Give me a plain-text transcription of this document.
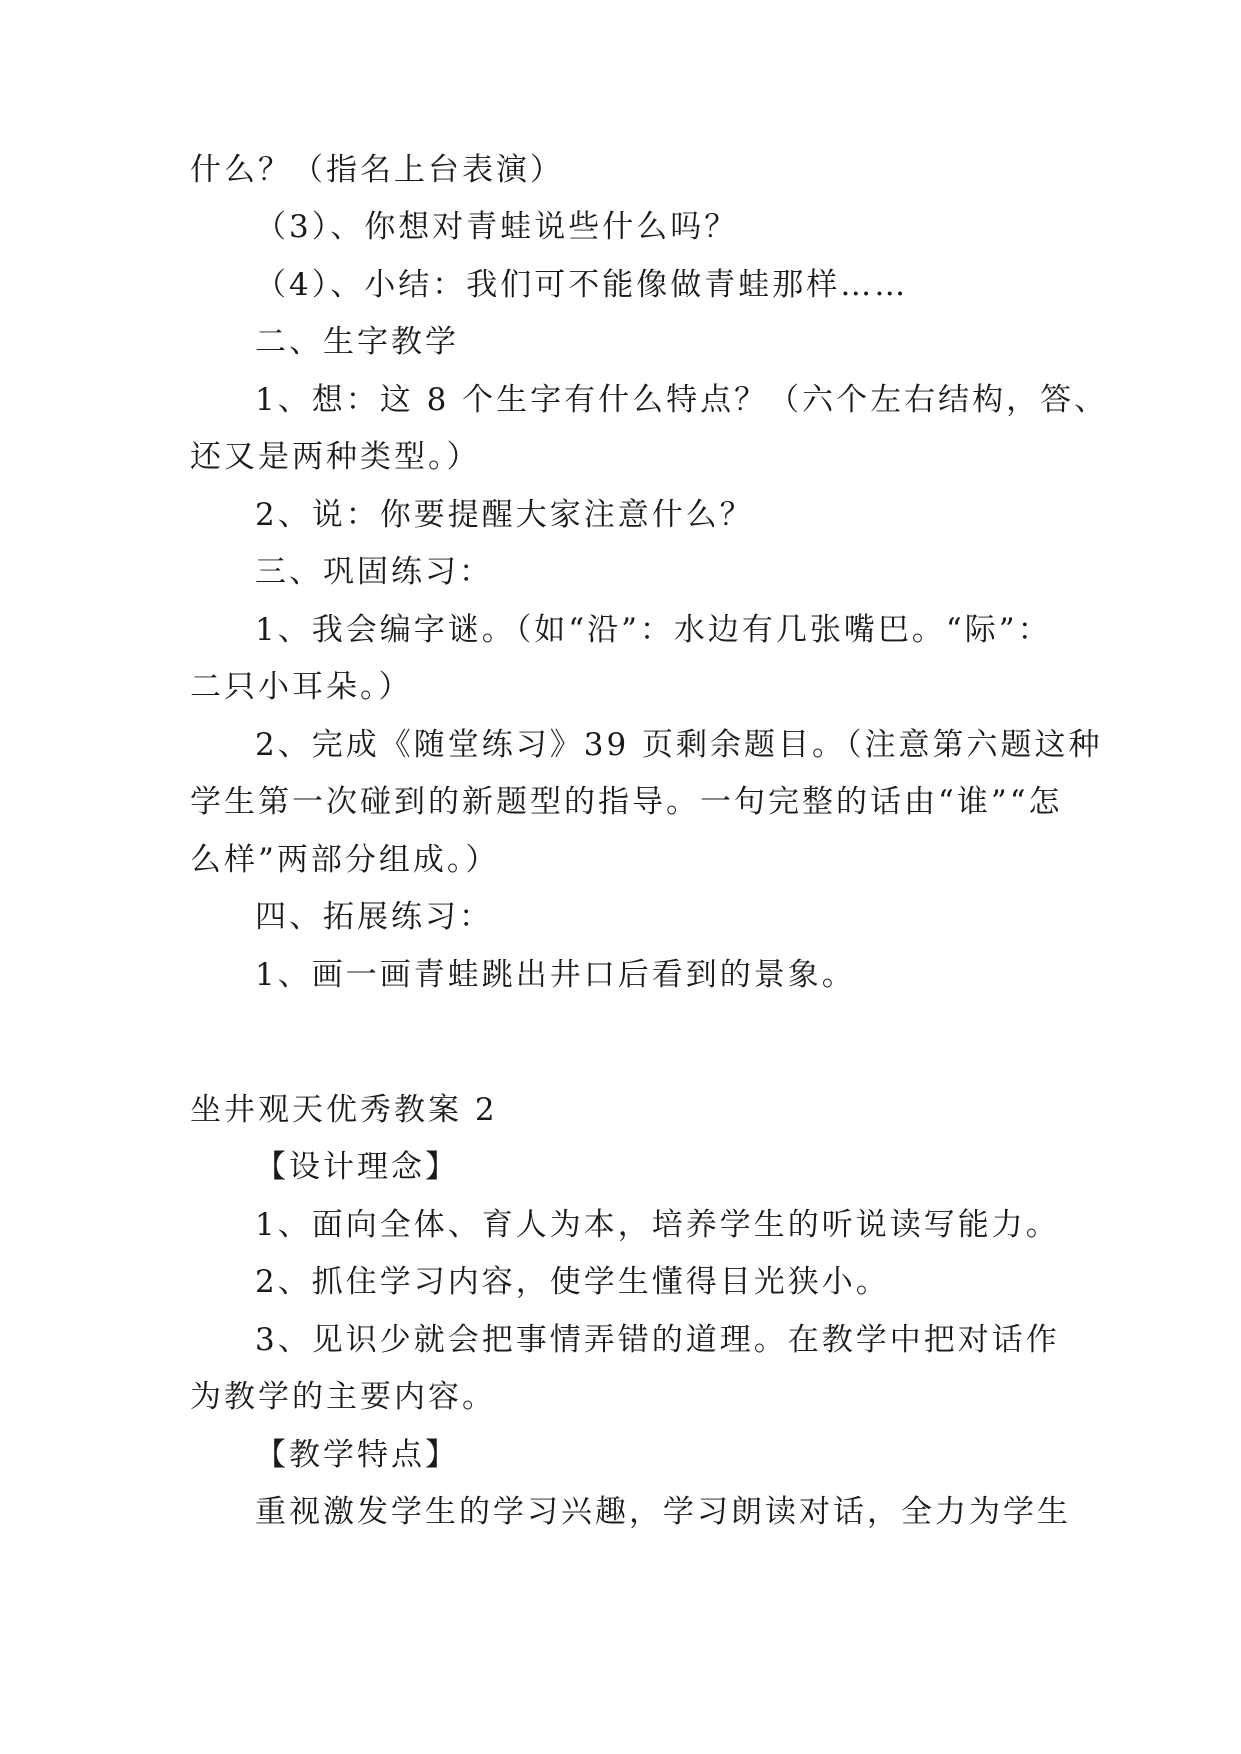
什么？（指名上台表演）
（3）、你想对青蛙说些什么吗？
（4）、小结：我们可不能像做青蛙那样……
二、生字教学
1、想：这 8 个生字有什么特点？（六个左右结构，答、
还又是两种类型。）
2、说：你要提醒大家注意什么？
三、巩固练习：
1、我会编字谜。（如“沿”：水边有几张嘴巴。“际”：
二只小耳朵。）
2、完成《随堂练习》39 页剩余题目。（注意第六题这种
学生第一次碰到的新题型的指导。一句完整的话由“谁”“怎
么样”两部分组成。）
四、拓展练习：
1、画一画青蛙跳出井口后看到的景象。
坐井观天优秀教案 2
【设计理念】
1、面向全体、育人为本，培养学生的听说读写能力。
2、抓住学习内容，使学生懂得目光狭小。
3、见识少就会把事情弄错的道理。在教学中把对话作
为教学的主要内容。
【教学特点】
重视激发学生的学习兴趣，学习朗读对话，全力为学生
